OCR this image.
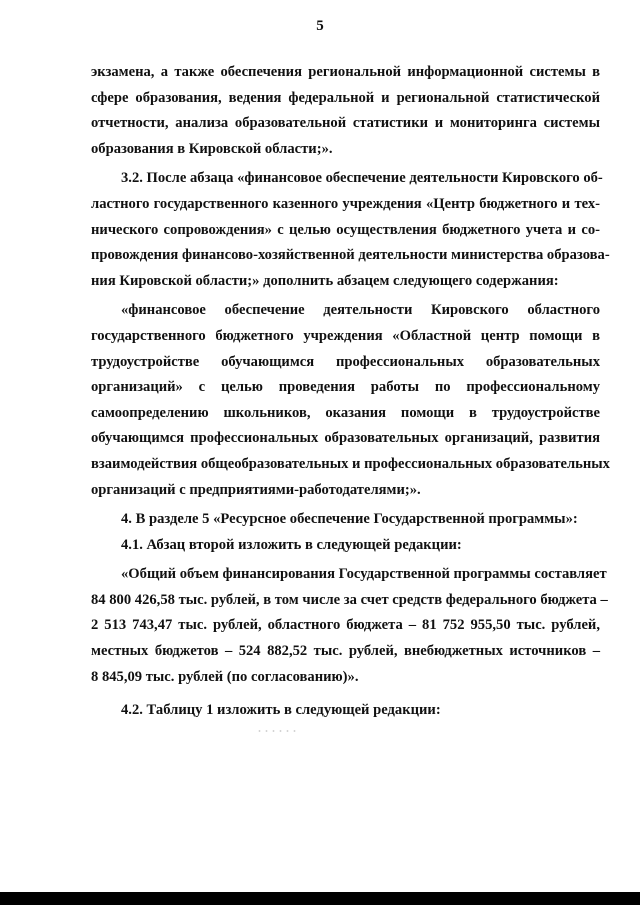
5
экзамена, а также обеспечения региональной информационной системы в
сфере образования, ведения федеральной и региональной статистической
отчетности, анализа образовательной статистики и мониторинга системы
образования в Кировской области;».
3.2. После абзаца «финансовое обеспечение деятельности Кировского об-
ластного государственного казенного учреждения «Центр бюджетного и тех-
нического сопровождения» с целью осуществления бюджетного учета и со-
провождения финансово-хозяйственной деятельности министерства образова-
ния Кировской области;» дополнить абзацем следующего содержания:
«финансовое обеспечение деятельности Кировского областного
государственного бюджетного учреждения «Областной центр помощи в
трудоустройстве обучающимся профессиональных образовательных
организаций» с целью проведения работы по профессиональному
самоопределению школьников, оказания помощи в трудоустройстве
обучающимся профессиональных образовательных организаций, развития
взаимодействия общеобразовательных и профессиональных образовательных
организаций с предприятиями-работодателями;».
4. В разделе 5 «Ресурсное обеспечение Государственной программы»:
4.1. Абзац второй изложить в следующей редакции:
«Общий объем финансирования Государственной программы составляет
84 800 426,58 тыс. рублей, в том числе за счет средств федерального бюджета –
2 513 743,47 тыс. рублей, областного бюджета – 81 752 955,50 тыс. рублей,
местных бюджетов – 524 882,52 тыс. рублей, внебюджетных источников –
8 845,09 тыс. рублей (по согласованию)».
4.2. Таблицу 1 изложить в следующей редакции:
